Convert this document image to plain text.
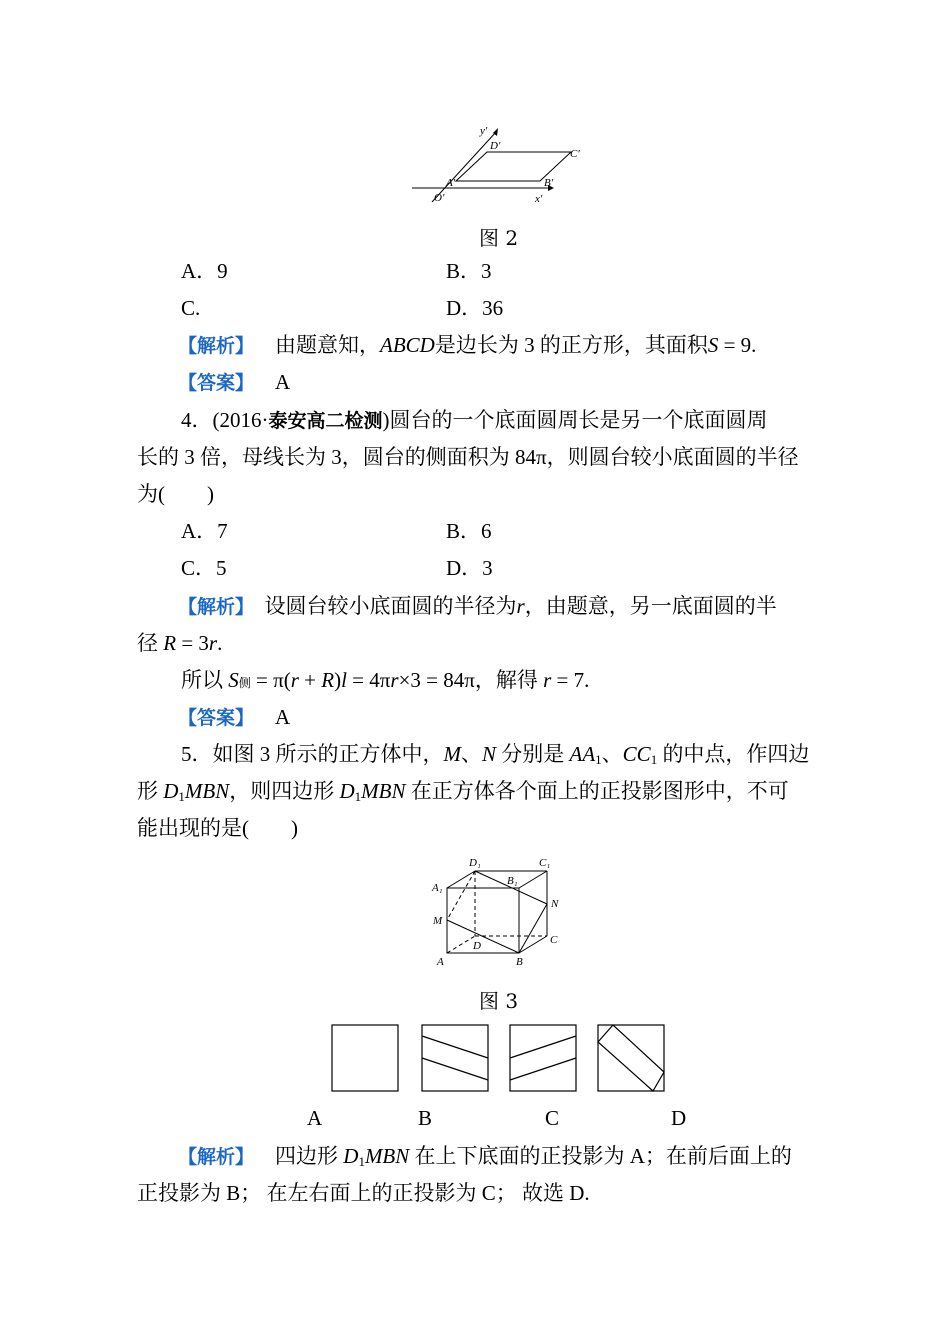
y′
D′
C′
A′	B′
O′	x′
图 2
A．9	B．3
C.	D．36
【解析】  由题意知，ABCD是边长为 3 的正方形，其面积S = 9.
【答案】  A
4．(2016·泰安高二检测)圆台的一个底面圆周长是另一个底面圆周
长的 3 倍，母线长为 3，圆台的侧面积为 84π，则圆台较小底面圆的半径
为(　　)
A．7	B．6
C．5	D．3
【解析】  设圆台较小底面圆的半径为r，由题意，另一底面圆的半
径 R = 3r.
所以 S侧 = π(r + R)l = 4πr×3 = 84π，解得 r = 7.
【答案】  A
5．如图 3 所示的正方体中，M、N 分别是 $AA_1$、$CC_1$ 的中点，作四边
形 $D_1MBN$，则四边形 $D_1MBN$ 在正方体各个面上的正投影图形中，不可
能出现的是(　　)
D₁	C₁
A₁
B₁
N
M
C
D
A	B
图 3
A	B	C	D
【解析】  四边形 $D_1MBN$ 在上下底面的正投影为 A；在前后面上的
正投影为 B； 在左右面上的正投影为 C； 故选 D.
